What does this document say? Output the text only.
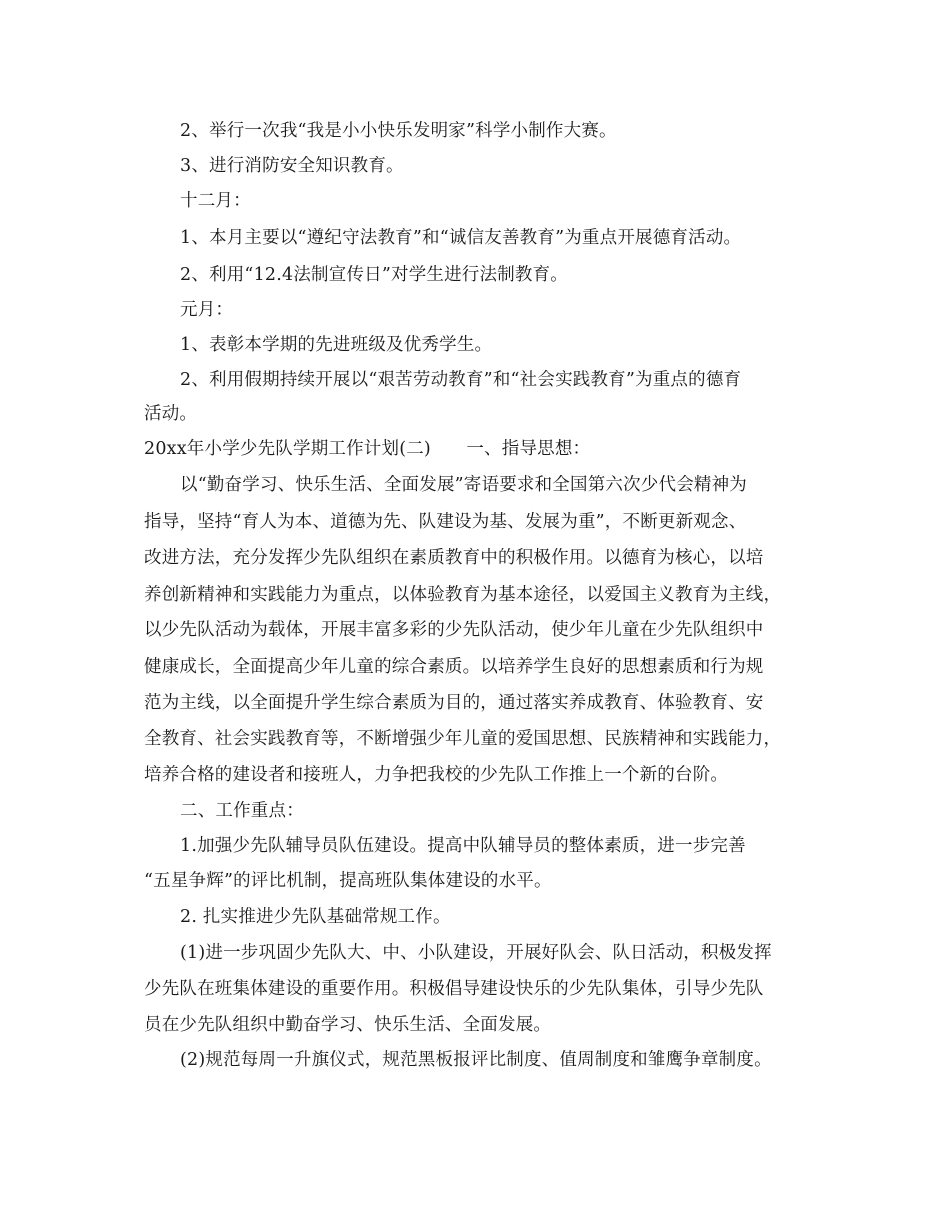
2、举行一次我“我是小小快乐发明家”科学小制作大赛。
3、进行消防安全知识教育。
十二月：
1、本月主要以“遵纪守法教育”和“诚信友善教育”为重点开展德育活动。
2、利用“12.4法制宣传日”对学生进行法制教育。
元月：
1、表彰本学期的先进班级及优秀学生。
2、利用假期持续开展以“艰苦劳动教育”和“社会实践教育”为重点的德育
活动。
20xx年小学少先队学期工作计划(二)　　一、指导思想：
以“勤奋学习、快乐生活、全面发展”寄语要求和全国第六次少代会精神为
指导，坚持“育人为本、道德为先、队建设为基、发展为重”，不断更新观念、
改进方法，充分发挥少先队组织在素质教育中的积极作用。以德育为核心，以培
养创新精神和实践能力为重点，以体验教育为基本途径，以爱国主义教育为主线，
以少先队活动为载体，开展丰富多彩的少先队活动，使少年儿童在少先队组织中
健康成长，全面提高少年儿童的综合素质。以培养学生良好的思想素质和行为规
范为主线，以全面提升学生综合素质为目的，通过落实养成教育、体验教育、安
全教育、社会实践教育等，不断增强少年儿童的爱国思想、民族精神和实践能力，
培养合格的建设者和接班人，力争把我校的少先队工作推上一个新的台阶。
二、工作重点：
1.加强少先队辅导员队伍建设。提高中队辅导员的整体素质，进一步完善
“五星争辉”的评比机制，提高班队集体建设的水平。
2. 扎实推进少先队基础常规工作。
(1)进一步巩固少先队大、中、小队建设，开展好队会、队日活动，积极发挥
少先队在班集体建设的重要作用。积极倡导建设快乐的少先队集体，引导少先队
员在少先队组织中勤奋学习、快乐生活、全面发展。
(2)规范每周一升旗仪式，规范黑板报评比制度、值周制度和雏鹰争章制度。
